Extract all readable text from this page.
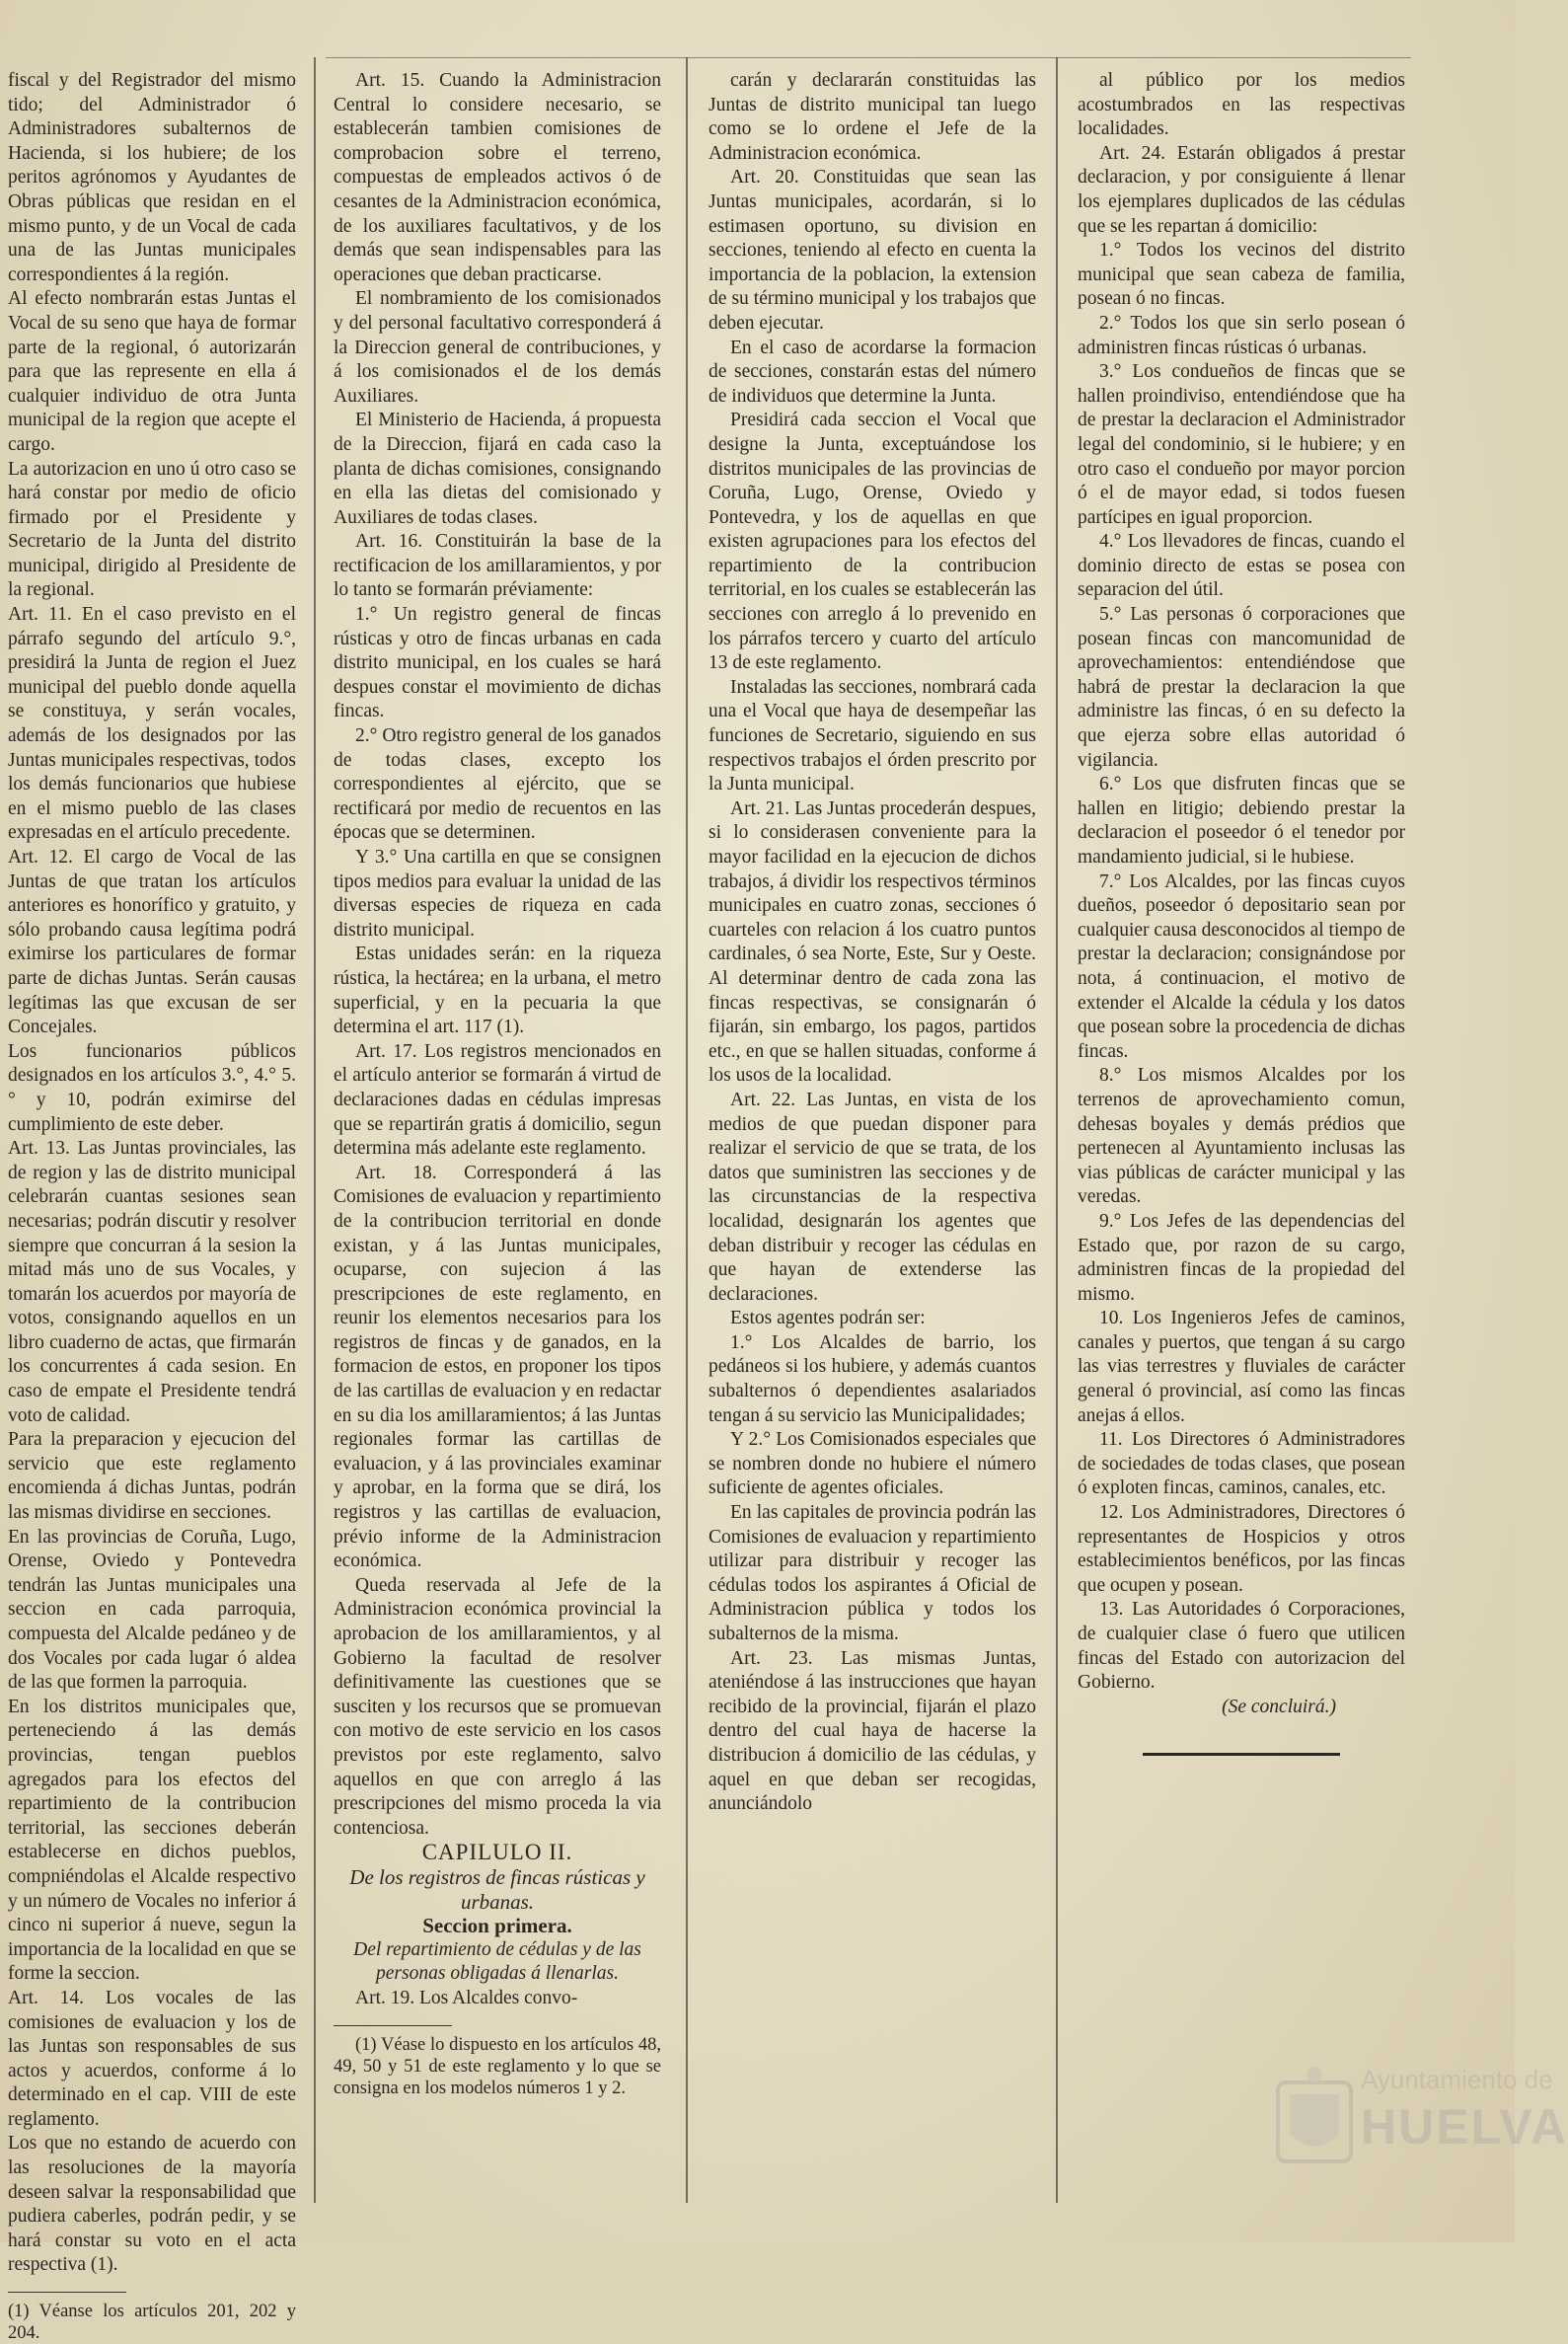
fiscal y del Registrador del mismo tido; del Administrador ó Administradores subalternos de Hacienda, si los hubiere; de los peritos agrónomos y Ayudantes de Obras públicas que residan en el mismo punto, y de un Vocal de cada una de las Juntas municipales correspondientes á la región.

Al efecto nombrarán estas Juntas el Vocal de su seno que haya de formar parte de la regional, ó autorizarán para que las represente en ella á cualquier individuo de otra Junta municipal de la region que acepte el cargo.

La autorizacion en uno ú otro caso se hará constar por medio de oficio firmado por el Presidente y Secretario de la Junta del distrito municipal, dirigido al Presidente de la regional.

Art. 11. En el caso previsto en el párrafo segundo del artículo 9.°, presidirá la Junta de region el Juez municipal del pueblo donde aquella se constituya, y serán vocales, además de los designados por las Juntas municipales respectivas, todos los demás funcionarios que hubiese en el mismo pueblo de las clases expresadas en el artículo precedente.

Art. 12. El cargo de Vocal de las Juntas de que tratan los artículos anteriores es honorífico y gratuito, y sólo probando causa legítima podrá eximirse los particulares de formar parte de dichas Juntas. Serán causas legítimas las que excusan de ser Concejales.

Los funcionarios públicos designados en los artículos 3.°, 4.° 5.° y 10, podrán eximirse del cumplimiento de este deber.

Art. 13. Las Juntas provinciales, las de region y las de distrito municipal celebrarán cuantas sesiones sean necesarias; podrán discutir y resolver siempre que concurran á la sesion la mitad más uno de sus Vocales, y tomarán los acuerdos por mayoría de votos, consignando aquellos en un libro cuaderno de actas, que firmarán los concurrentes á cada sesion. En caso de empate el Presidente tendrá voto de calidad.

Para la preparacion y ejecucion del servicio que este reglamento encomienda á dichas Juntas, podrán las mismas dividirse en secciones.

En las provincias de Coruña, Lugo, Orense, Oviedo y Pontevedra tendrán las Juntas municipales una seccion en cada parroquia, compuesta del Alcalde pedáneo y de dos Vocales por cada lugar ó aldea de las que formen la parroquia.

En los distritos municipales que, perteneciendo á las demás provincias, tengan pueblos agregados para los efectos del repartimiento de la contribucion territorial, las secciones deberán establecerse en dichos pueblos, compniéndolas el Alcalde respectivo y un número de Vocales no inferior á cinco ni superior á nueve, segun la importancia de la localidad en que se forme la seccion.

Art. 14. Los vocales de las comisiones de evaluacion y los de las Juntas son responsables de sus actos y acuerdos, conforme á lo determinado en el cap. VIII de este reglamento.

Los que no estando de acuerdo con las resoluciones de la mayoría deseen salvar la responsabilidad que pudiera caberles, podrán pedir, y se hará constar su voto en el acta respectiva (1).

(1) Véanse los artículos 201, 202 y 204.

Art. 15. Cuando la Administracion Central lo considere necesario, se establecerán tambien comisiones de comprobacion sobre el terreno, compuestas de empleados activos ó de cesantes de la Administracion económica, de los auxiliares facultativos, y de los demás que sean indispensables para las operaciones que deban practicarse.

El nombramiento de los comisionados y del personal facultativo corresponderá á la Direccion general de contribuciones, y á los comisionados el de los demás Auxiliares.

El Ministerio de Hacienda, á propuesta de la Direccion, fijará en cada caso la planta de dichas comisiones, consignando en ella las dietas del comisionado y Auxiliares de todas clases.

Art. 16. Constituirán la base de la rectificacion de los amillaramientos, y por lo tanto se formarán préviamente:

1.° Un registro general de fincas rústicas y otro de fincas urbanas en cada distrito municipal, en los cuales se hará despues constar el movimiento de dichas fincas.

2.° Otro registro general de los ganados de todas clases, excepto los correspondientes al ejército, que se rectificará por medio de recuentos en las épocas que se determinen.

Y 3.° Una cartilla en que se consignen tipos medios para evaluar la unidad de las diversas especies de riqueza en cada distrito municipal.

Estas unidades serán: en la riqueza rústica, la hectárea; en la urbana, el metro superficial, y en la pecuaria la que determina el art. 117 (1).

Art. 17. Los registros mencionados en el artículo anterior se formarán á virtud de declaraciones dadas en cédulas impresas que se repartirán gratis á domicilio, segun determina más adelante este reglamento.

Art. 18. Corresponderá á las Comisiones de evaluacion y repartimiento de la contribucion territorial en donde existan, y á las Juntas municipales, ocuparse, con sujecion á las prescripciones de este reglamento, en reunir los elementos necesarios para los registros de fincas y de ganados, en la formacion de estos, en proponer los tipos de las cartillas de evaluacion y en redactar en su dia los amillaramientos; á las Juntas regionales formar las cartillas de evaluacion, y á las provinciales examinar y aprobar, en la forma que se dirá, los registros y las cartillas de evaluacion, prévio informe de la Administracion económica.

Queda reservada al Jefe de la Administracion económica provincial la aprobacion de los amillaramientos, y al Gobierno la facultad de resolver definitivamente las cuestiones que se susciten y los recursos que se promuevan con motivo de este servicio en los casos previstos por este reglamento, salvo aquellos en que con arreglo á las prescripciones del mismo proceda la via contenciosa.

CAPILULO II.

De los registros de fincas rústicas y urbanas.

Seccion primera.

Del repartimiento de cédulas y de las personas obligadas á llenarlas.

Art. 19. Los Alcaldes convo-

(1) Véase lo dispuesto en los artículos 48, 49, 50 y 51 de este reglamento y lo que se consigna en los modelos números 1 y 2.

carán y declararán constituidas las Juntas de distrito municipal tan luego como se lo ordene el Jefe de la Administracion económica.

Art. 20. Constituidas que sean las Juntas municipales, acordarán, si lo estimasen oportuno, su division en secciones, teniendo al efecto en cuenta la importancia de la poblacion, la extension de su término municipal y los trabajos que deben ejecutar.

En el caso de acordarse la formacion de secciones, constarán estas del número de individuos que determine la Junta.

Presidirá cada seccion el Vocal que designe la Junta, exceptuándose los distritos municipales de las provincias de Coruña, Lugo, Orense, Oviedo y Pontevedra, y los de aquellas en que existen agrupaciones para los efectos del repartimiento de la contribucion territorial, en los cuales se establecerán las secciones con arreglo á lo prevenido en los párrafos tercero y cuarto del artículo 13 de este reglamento.

Instaladas las secciones, nombrará cada una el Vocal que haya de desempeñar las funciones de Secretario, siguiendo en sus respectivos trabajos el órden prescrito por la Junta municipal.

Art. 21. Las Juntas procederán despues, si lo considerasen conveniente para la mayor facilidad en la ejecucion de dichos trabajos, á dividir los respectivos términos municipales en cuatro zonas, secciones ó cuarteles con relacion á los cuatro puntos cardinales, ó sea Norte, Este, Sur y Oeste. Al determinar dentro de cada zona las fincas respectivas, se consignarán ó fijarán, sin embargo, los pagos, partidos etc., en que se hallen situadas, conforme á los usos de la localidad.

Art. 22. Las Juntas, en vista de los medios de que puedan disponer para realizar el servicio de que se trata, de los datos que suministren las secciones y de las circunstancias de la respectiva localidad, designarán los agentes que deban distribuir y recoger las cédulas en que hayan de extenderse las declaraciones.

Estos agentes podrán ser:

1.° Los Alcaldes de barrio, los pedáneos si los hubiere, y además cuantos subalternos ó dependientes asalariados tengan á su servicio las Municipalidades;

Y 2.° Los Comisionados especiales que se nombren donde no hubiere el número suficiente de agentes oficiales.

En las capitales de provincia podrán las Comisiones de evaluacion y repartimiento utilizar para distribuir y recoger las cédulas todos los aspirantes á Oficial de Administracion pública y todos los subalternos de la misma.

Art. 23. Las mismas Juntas, ateniéndose á las instrucciones que hayan recibido de la provincial, fijarán el plazo dentro del cual haya de hacerse la distribucion á domicilio de las cédulas, y aquel en que deban ser recogidas, anunciándolo

al público por los medios acostumbrados en las respectivas localidades.

Art. 24. Estarán obligados á prestar declaracion, y por consiguiente á llenar los ejemplares duplicados de las cédulas que se les repartan á domicilio:

1.° Todos los vecinos del distrito municipal que sean cabeza de familia, posean ó no fincas.

2.° Todos los que sin serlo posean ó administren fincas rústicas ó urbanas.

3.° Los condueños de fincas que se hallen proindiviso, entendiéndose que ha de prestar la declaracion el Administrador legal del condominio, si le hubiere; y en otro caso el condueño por mayor porcion ó el de mayor edad, si todos fuesen partícipes en igual proporcion.

4.° Los llevadores de fincas, cuando el dominio directo de estas se posea con separacion del útil.

5.° Las personas ó corporaciones que posean fincas con mancomunidad de aprovechamientos: entendiéndose que habrá de prestar la declaracion la que administre las fincas, ó en su defecto la que ejerza sobre ellas autoridad ó vigilancia.

6.° Los que disfruten fincas que se hallen en litigio; debiendo prestar la declaracion el poseedor ó el tenedor por mandamiento judicial, si le hubiese.

7.° Los Alcaldes, por las fincas cuyos dueños, poseedor ó depositario sean por cualquier causa desconocidos al tiempo de prestar la declaracion; consignándose por nota, á continuacion, el motivo de extender el Alcalde la cédula y los datos que posean sobre la procedencia de dichas fincas.

8.° Los mismos Alcaldes por los terrenos de aprovechamiento comun, dehesas boyales y demás prédios que pertenecen al Ayuntamiento inclusas las vias públicas de carácter municipal y las veredas.

9.° Los Jefes de las dependencias del Estado que, por razon de su cargo, administren fincas de la propiedad del mismo.

10. Los Ingenieros Jefes de caminos, canales y puertos, que tengan á su cargo las vias terrestres y fluviales de carácter general ó provincial, así como las fincas anejas á ellos.

11. Los Directores ó Administradores de sociedades de todas clases, que posean ó exploten fincas, caminos, canales, etc.

12. Los Administradores, Directores ó representantes de Hospicios y otros establecimientos benéficos, por las fincas que ocupen y posean.

13. Las Autoridades ó Corporaciones, de cualquier clase ó fuero que utilicen fincas del Estado con autorizacion del Gobierno.

(Se concluirá.)

Ayuntamiento de
HUELVA
